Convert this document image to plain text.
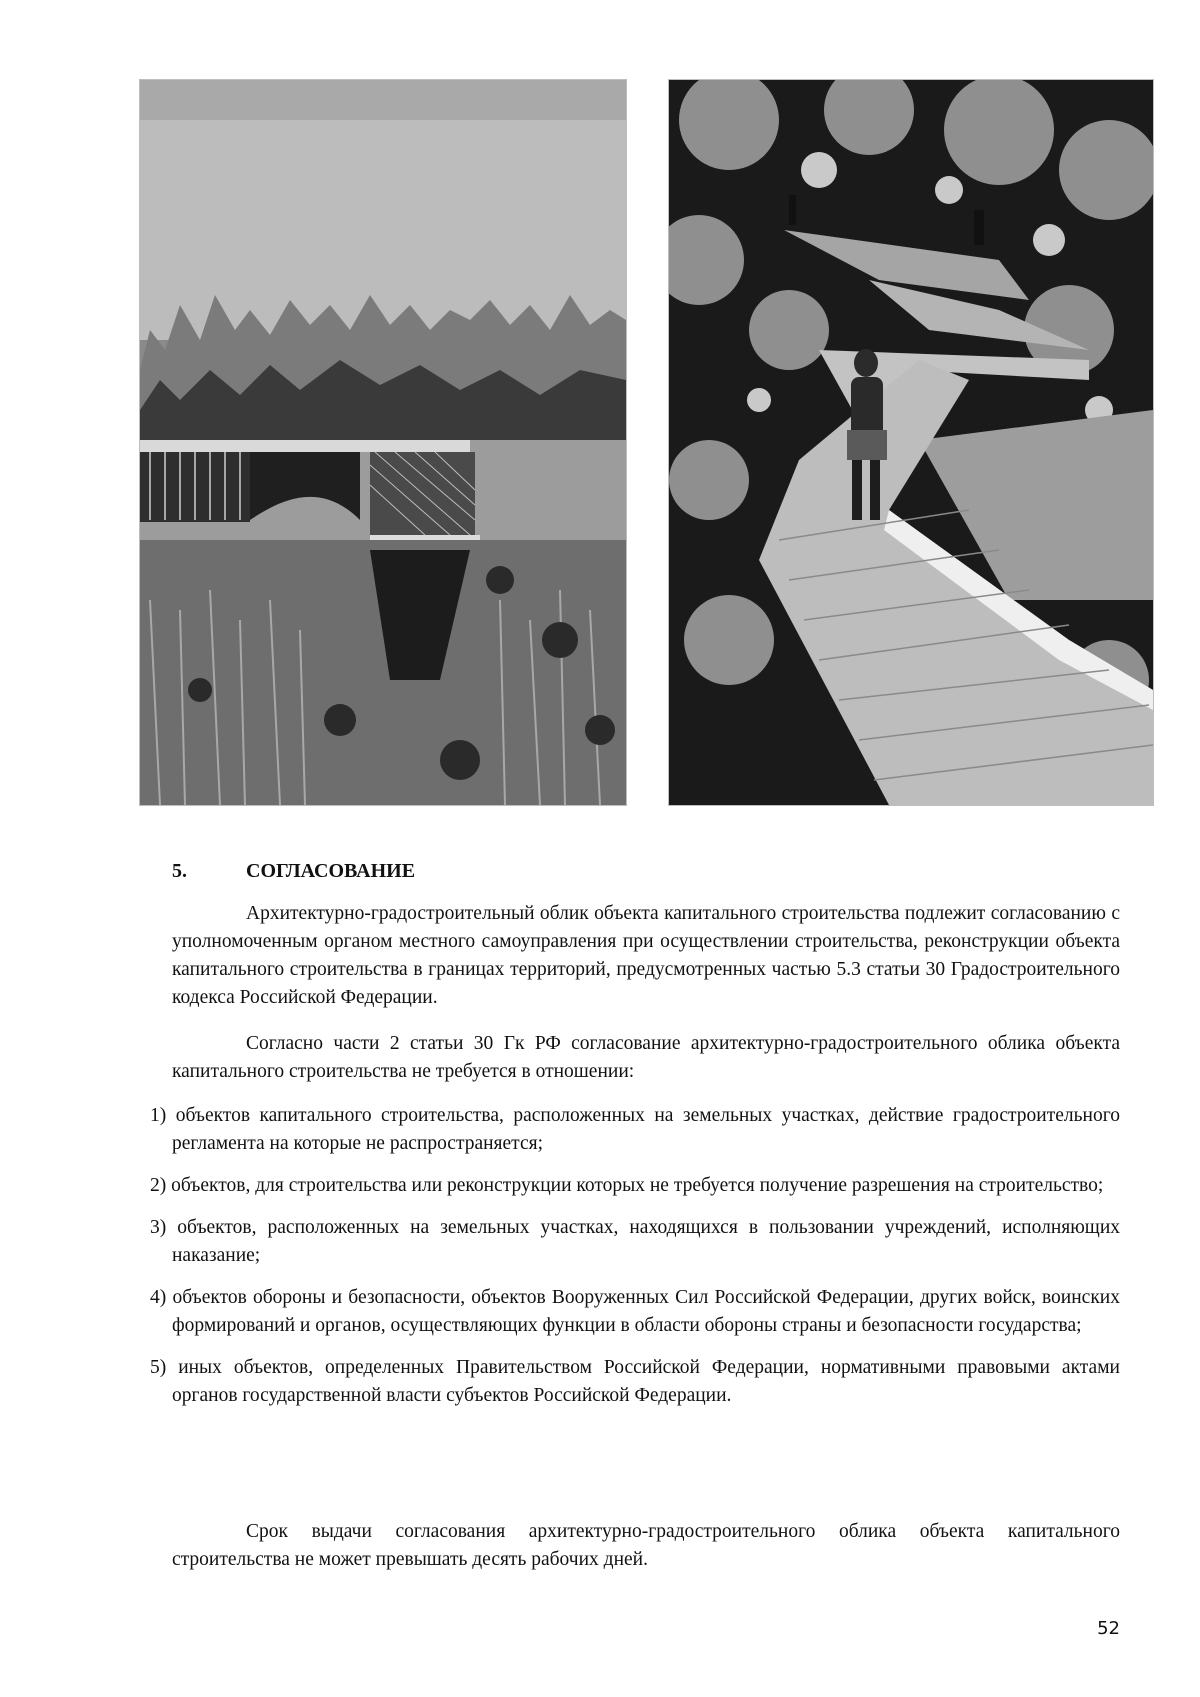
5.	СОГЛАСОВАНИЕ
Архитектурно-градостроительный облик объекта капитального строительства подлежит согласованию с уполномоченным органом местного самоуправления при осуществлении строительства, реконструкции объекта капитального строительства в границах территорий, предусмотренных частью 5.3 статьи 30 Градостроительного кодекса Российской Федерации.
Согласно части 2 статьи 30 Гк РФ согласование архитектурно-градостроительного облика объекта капитального строительства не требуется в отношении:
1) объектов капитального строительства, расположенных на земельных участках, действие градостроительного регламента на которые не распространяется;
2) объектов, для строительства или реконструкции которых не требуется получение разрешения на строительство;
3) объектов, расположенных на земельных участках, находящихся в пользовании учреждений, исполняющих наказание;
4) объектов обороны и безопасности, объектов Вооруженных Сил Российской Федерации, других войск, воинских формирований и органов, осуществляющих функции в области обороны страны и безопасности государства;
5) иных объектов, определенных Правительством Российской Федерации, нормативными правовыми актами органов государственной власти субъектов Российской Федерации.
Срок выдачи согласования архитектурно-градостроительного облика объекта капитального строительства не может превышать десять рабочих дней.
52
